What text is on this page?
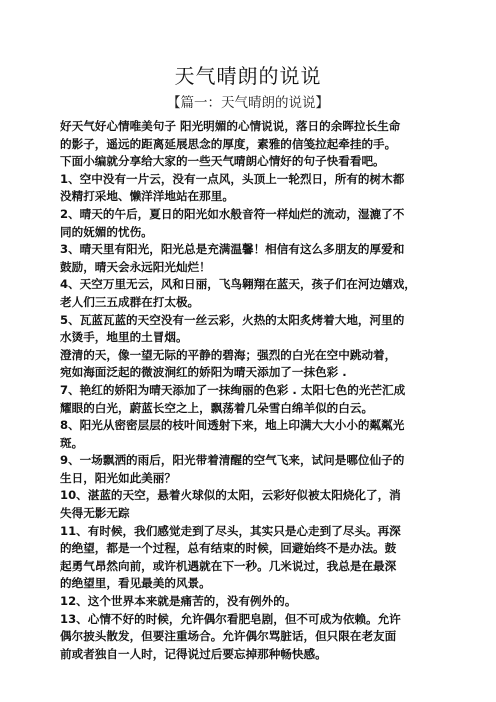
天气晴朗的说说
【篇一：天气晴朗的说说】

好天气好心情唯美句子 阳光明媚的心情说说，落日的余晖拉长生命

的影子，遥远的距离延展思念的厚度，素雅的信笺拉起牵挂的手。

下面小编就分享给大家的一些天气晴朗心情好的句子快看看吧。

1、空中没有一片云，没有一点风，头顶上一轮烈日，所有的树木都

没精打采地、懒洋洋地站在那里。

2、晴天的午后，夏日的阳光如水般音符一样灿烂的流动，湿漉了不

同的妩媚的忧伤。

3、晴天里有阳光，阳光总是充满温馨！相信有这么多朋友的厚爱和

鼓励，晴天会永远阳光灿烂！

4、天空万里无云，风和日丽，飞鸟翱翔在蓝天，孩子们在河边嬉戏，

老人们三五成群在打太极。

5、瓦蓝瓦蓝的天空没有一丝云彩，火热的太阳炙烤着大地，河里的

水烫手，地里的土冒烟。

澄清的天，像一望无际的平静的碧海；强烈的白光在空中跳动着，

宛如海面泛起的微波涧红的娇阳为晴天添加了一抹色彩 .

7、艳红的娇阳为晴天添加了一抹绚丽的色彩 . 太阳七色的光芒汇成

耀眼的白光，蔚蓝长空之上，飘荡着几朵雪白绵羊似的白云。

8、阳光从密密层层的枝叶间透射下来，地上印满大大小小的粼粼光

斑。

9、一场飘洒的雨后，阳光带着清醒的空气飞来，试问是哪位仙子的

生日，阳光如此美丽？

10、湛蓝的天空，悬着火球似的太阳，云彩好似被太阳烧化了，消

失得无影无踪

11、有时候，我们感觉走到了尽头，其实只是心走到了尽头。再深

的绝望，都是一个过程，总有结束的时候，回避始终不是办法。鼓

起勇气昂然向前，或许机遇就在下一秒。几米说过，我总是在最深

的绝望里，看见最美的风景。

12、这个世界本来就是痛苦的，没有例外的。

13、心情不好的时候，允许偶尔看肥皂剧，但不可成为依赖。允许

偶尔披头散发，但要注重场合。允许偶尔骂脏话，但只限在老友面

前或者独自一人时，记得说过后要忘掉那种畅快感。
